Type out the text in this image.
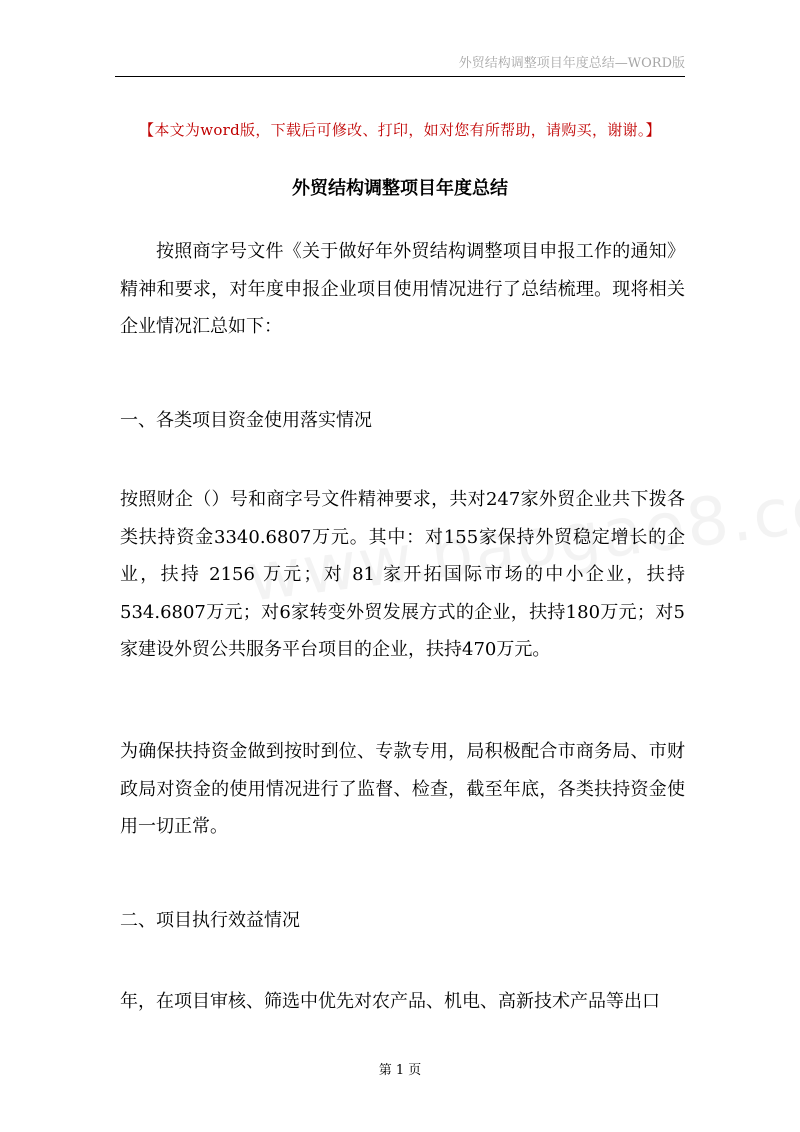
外贸结构调整项目年度总结—WORD版
【本文为word版，下载后可修改、打印，如对您有所帮助，请购买，谢谢。】
外贸结构调整项目年度总结

按照商字号文件《关于做好年外贸结构调整项目申报工作的通知》精神和要求，对年度申报企业项目使用情况进行了总结梳理。现将相关企业情况汇总如下：

一、各类项目资金使用落实情况

按照财企（）号和商字号文件精神要求，共对247家外贸企业共下拨各类扶持资金3340.6807万元。其中：对155家保持外贸稳定增长的企业，扶持 2156 万元；对 81 家开拓国际市场的中小企业，扶持534.6807万元；对6家转变外贸发展方式的企业，扶持180万元；对5家建设外贸公共服务平台项目的企业，扶持470万元。

为确保扶持资金做到按时到位、专款专用，局积极配合市商务局、市财政局对资金的使用情况进行了监督、检查，截至年底，各类扶持资金使用一切正常。

二、项目执行效益情况

年，在项目审核、筛选中优先对农产品、机电、高新技术产品等出口

第 1 页
